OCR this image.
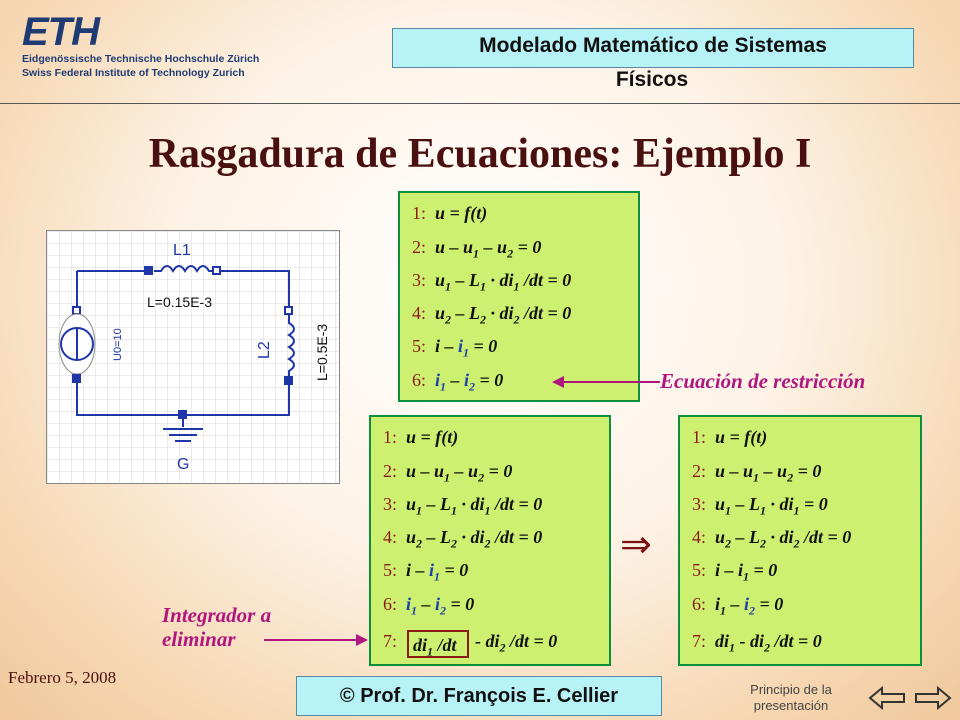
ETH
Eidgenössische Technische Hochschule Zürich
Swiss Federal Institute of Technology Zurich
Modelado Matemático de Sistemas
Físicos
Rasgadura de Ecuaciones: Ejemplo I
L1
L=0.15E-3
L2	L=0.5E-3
U0=10
G
1:  u = f(t)
2:  $u - u_1 - u_2 = 0$
3:  $u_1 - L_1 \cdot di_1$ /dt = 0
4:  $u_2 - L_2 \cdot di_2$ /dt = 0
5:  $i - i_1 = 0$
6: $i_1 - i_2 = 0$	Ecuación de restricción
1:  u = f(t)
2:  $u - u_1 - u_2 = 0$
3:  $u_1 - L_1 \cdot di_1$ /dt = 0
4:  $u_2 - L_2 \cdot di_2$ /dt = 0
5:  $i - i_1 = 0$
6: $i_1 - i_2 = 0$
7:	- $di_2$ /dt = 0
$di_1$ /dt
Integrador a
eliminar
⇒
1:  u = f(t)
2:  $u - u_1 - u_2 = 0$
3:  $u_1 - L_1 \cdot di_1 = 0$
4:  $u_2 - L_2 \cdot di_2$ /dt = 0
5:  $i - i_1 = 0$
6:  $i_1 - i_2 = 0$
7:  $di_1 - di_2$ /dt = 0
Febrero 5, 2008
© Prof. Dr. François E. Cellier	Principio de la
presentación
